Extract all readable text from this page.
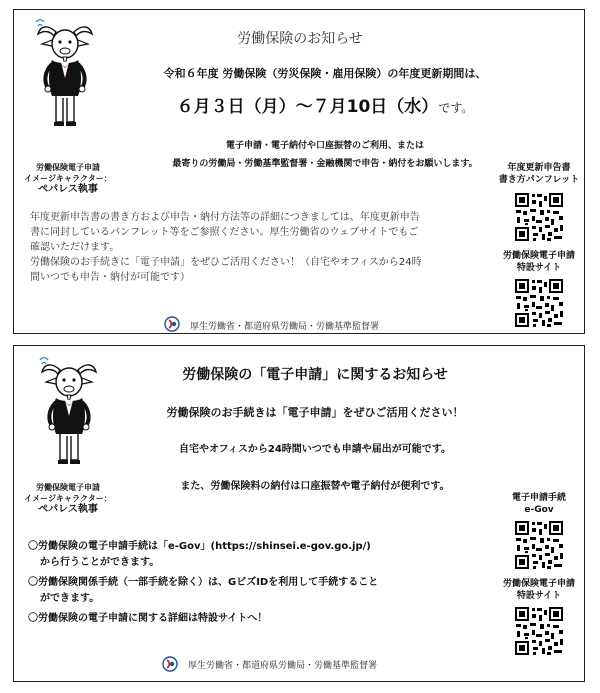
労働保険電子申請
イメージキャラクター：
ペパレス執事
労働保険のお知らせ
令和６年度 労働保険（労災保険・雇用保険）の年度更新期間は、
６月３日（月）～７月10日（水）です。
電子申請・電子納付や口座振替のご利用、または
最寄りの労働局・労働基準監督署・金融機関で申告・納付をお願いします。
年度更新申告書の書き方および申告・納付方法等の詳細につきましては、年度更新申告
書に同封しているパンフレット等をご参照ください。厚生労働省のウェブサイトでもご
確認いただけます。
労働保険のお手続きに「電子申請」をぜひご活用ください！（自宅やオフィスから24時
間いつでも申告・納付が可能です）
厚生労働省・都道府県労働局・労働基準監督署
年度更新申告書
書き方パンフレット
労働保険電子申請
特設サイト
労働保険電子申請
イメージキャラクター：
ペパレス執事
労働保険の「電子申請」に関するお知らせ
労働保険のお手続きは「電子申請」をぜひご活用ください！
自宅やオフィスから24時間いつでも申請や届出が可能です。
また、労働保険料の納付は口座振替や電子納付が便利です。
〇労働保険の電子申請手続は「e-Gov」(https://shinsei.e-gov.go.jp/)
から行うことができます。
〇労働保険関係手続（一部手続を除く）は、GビズIDを利用して手続すること
ができます。
〇労働保険の電子申請に関する詳細は特設サイトへ！
厚生労働省・都道府県労働局・労働基準監督署
電子申請手続
e-Gov
労働保険電子申請
特設サイト
